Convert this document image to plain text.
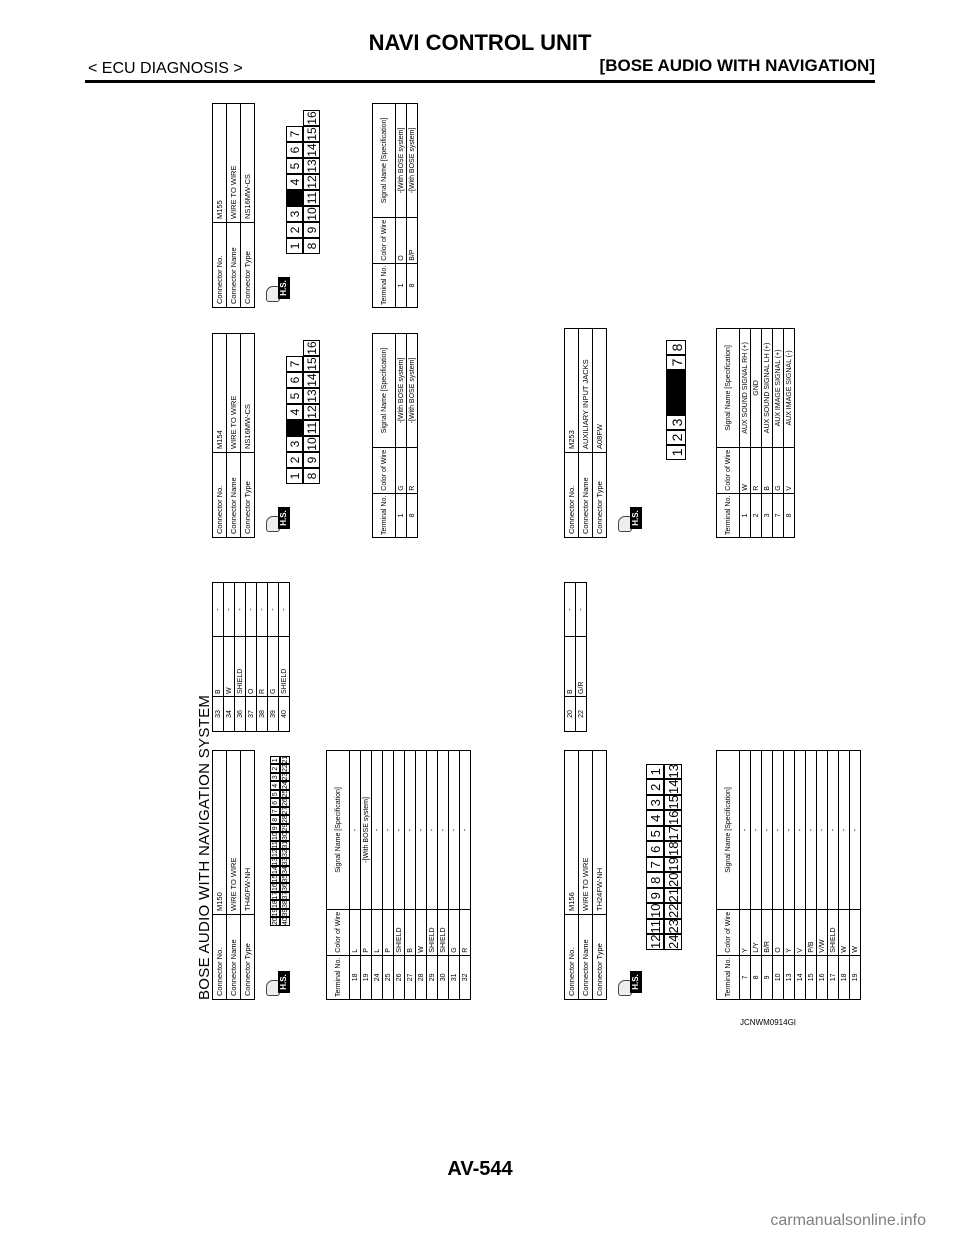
NAVI CONTROL UNIT
< ECU DIAGNOSIS >	[BOSE AUDIO WITH NAVIGATION]
BOSE AUDIO WITH NAVIGATION SYSTEM Connector No.	M150
Connector Name	WIRE TO WIRE
Connector Type	TH40FW-NH
H.S.
20
19
18
17
16
15
14
13
12
11
10
9
8
7
6
5
4
3
2
1
40
39
38
37
36
35
34
33
32
31
30
29
28
27
26
25
24
23
22
21
Terminal No.	Color of Wire	Signal Name [Specification]
18	L	-
19	P	-[With BOSE system]
24	L	-
25	P	-
26	SHIELD	-
27	B	-
28	W	-
29	SHIELD	-
30	SHIELD	-
31	G	-
32	R	-
33	B	-
34	W	-
36	SHIELD	-
37	O	-
38	R	-
39	G	-
40	SHIELD	-
Connector No.	M156
Connector Name	WIRE TO WIRE
Connector Type	TH24FW-NH
H.S.
12
11
10
9
8
7
6
5
4
3
2
1
24
23
22
21
20
19
18
17
16
15
14
13
Terminal No.	Color of Wire	Signal Name [Specification]
7	Y	-
8	L/Y	-
9	B/R	-
10	O	-
13	Y	-
14	V	-
15	P/B	-
16	V/W	-
17	SHIELD	-
18	W	-
19	W	-
20	B	-
22	G/R	-
Connector No.	M154
Connector Name	WIRE TO WIRE
Connector Type	NS16MW-CS
H.S.
1
2
3
4
5
6
7
8
9
10
11
12
13
14
15
16
Terminal No.	Color of Wire	Signal Name [Specification]
1	G	-[With BOSE system]
8	R	-[With BOSE system]
Connector No.	M155
Connector Name	WIRE TO WIRE
Connector Type	NS16MW-CS
H.S.
1
2
3
4
5
6
7
8
9
10
11
12
13
14
15
16
Terminal No.	Color of Wire	Signal Name [Specification]
1	O	-[With BOSE system]
8	B/P	-[With BOSE system]
Connector No.	M253
Connector Name	AUXILIARY INPUT JACKS
Connector Type	A08FW
H.S.
1
2
3
7
8
Terminal No.	Color of Wire	Signal Name [Specification]
1	W	AUX SOUND SIGNAL RH (+)
2	R	GND
3	B	AUX SOUND SIGNAL LH (+)
7	G	AUX IMAGE SIGNAL (+)
8	V	AUX IMAGE SIGNAL (-)
JCNWM0914GI
AV-544
carmanualsonline.info
